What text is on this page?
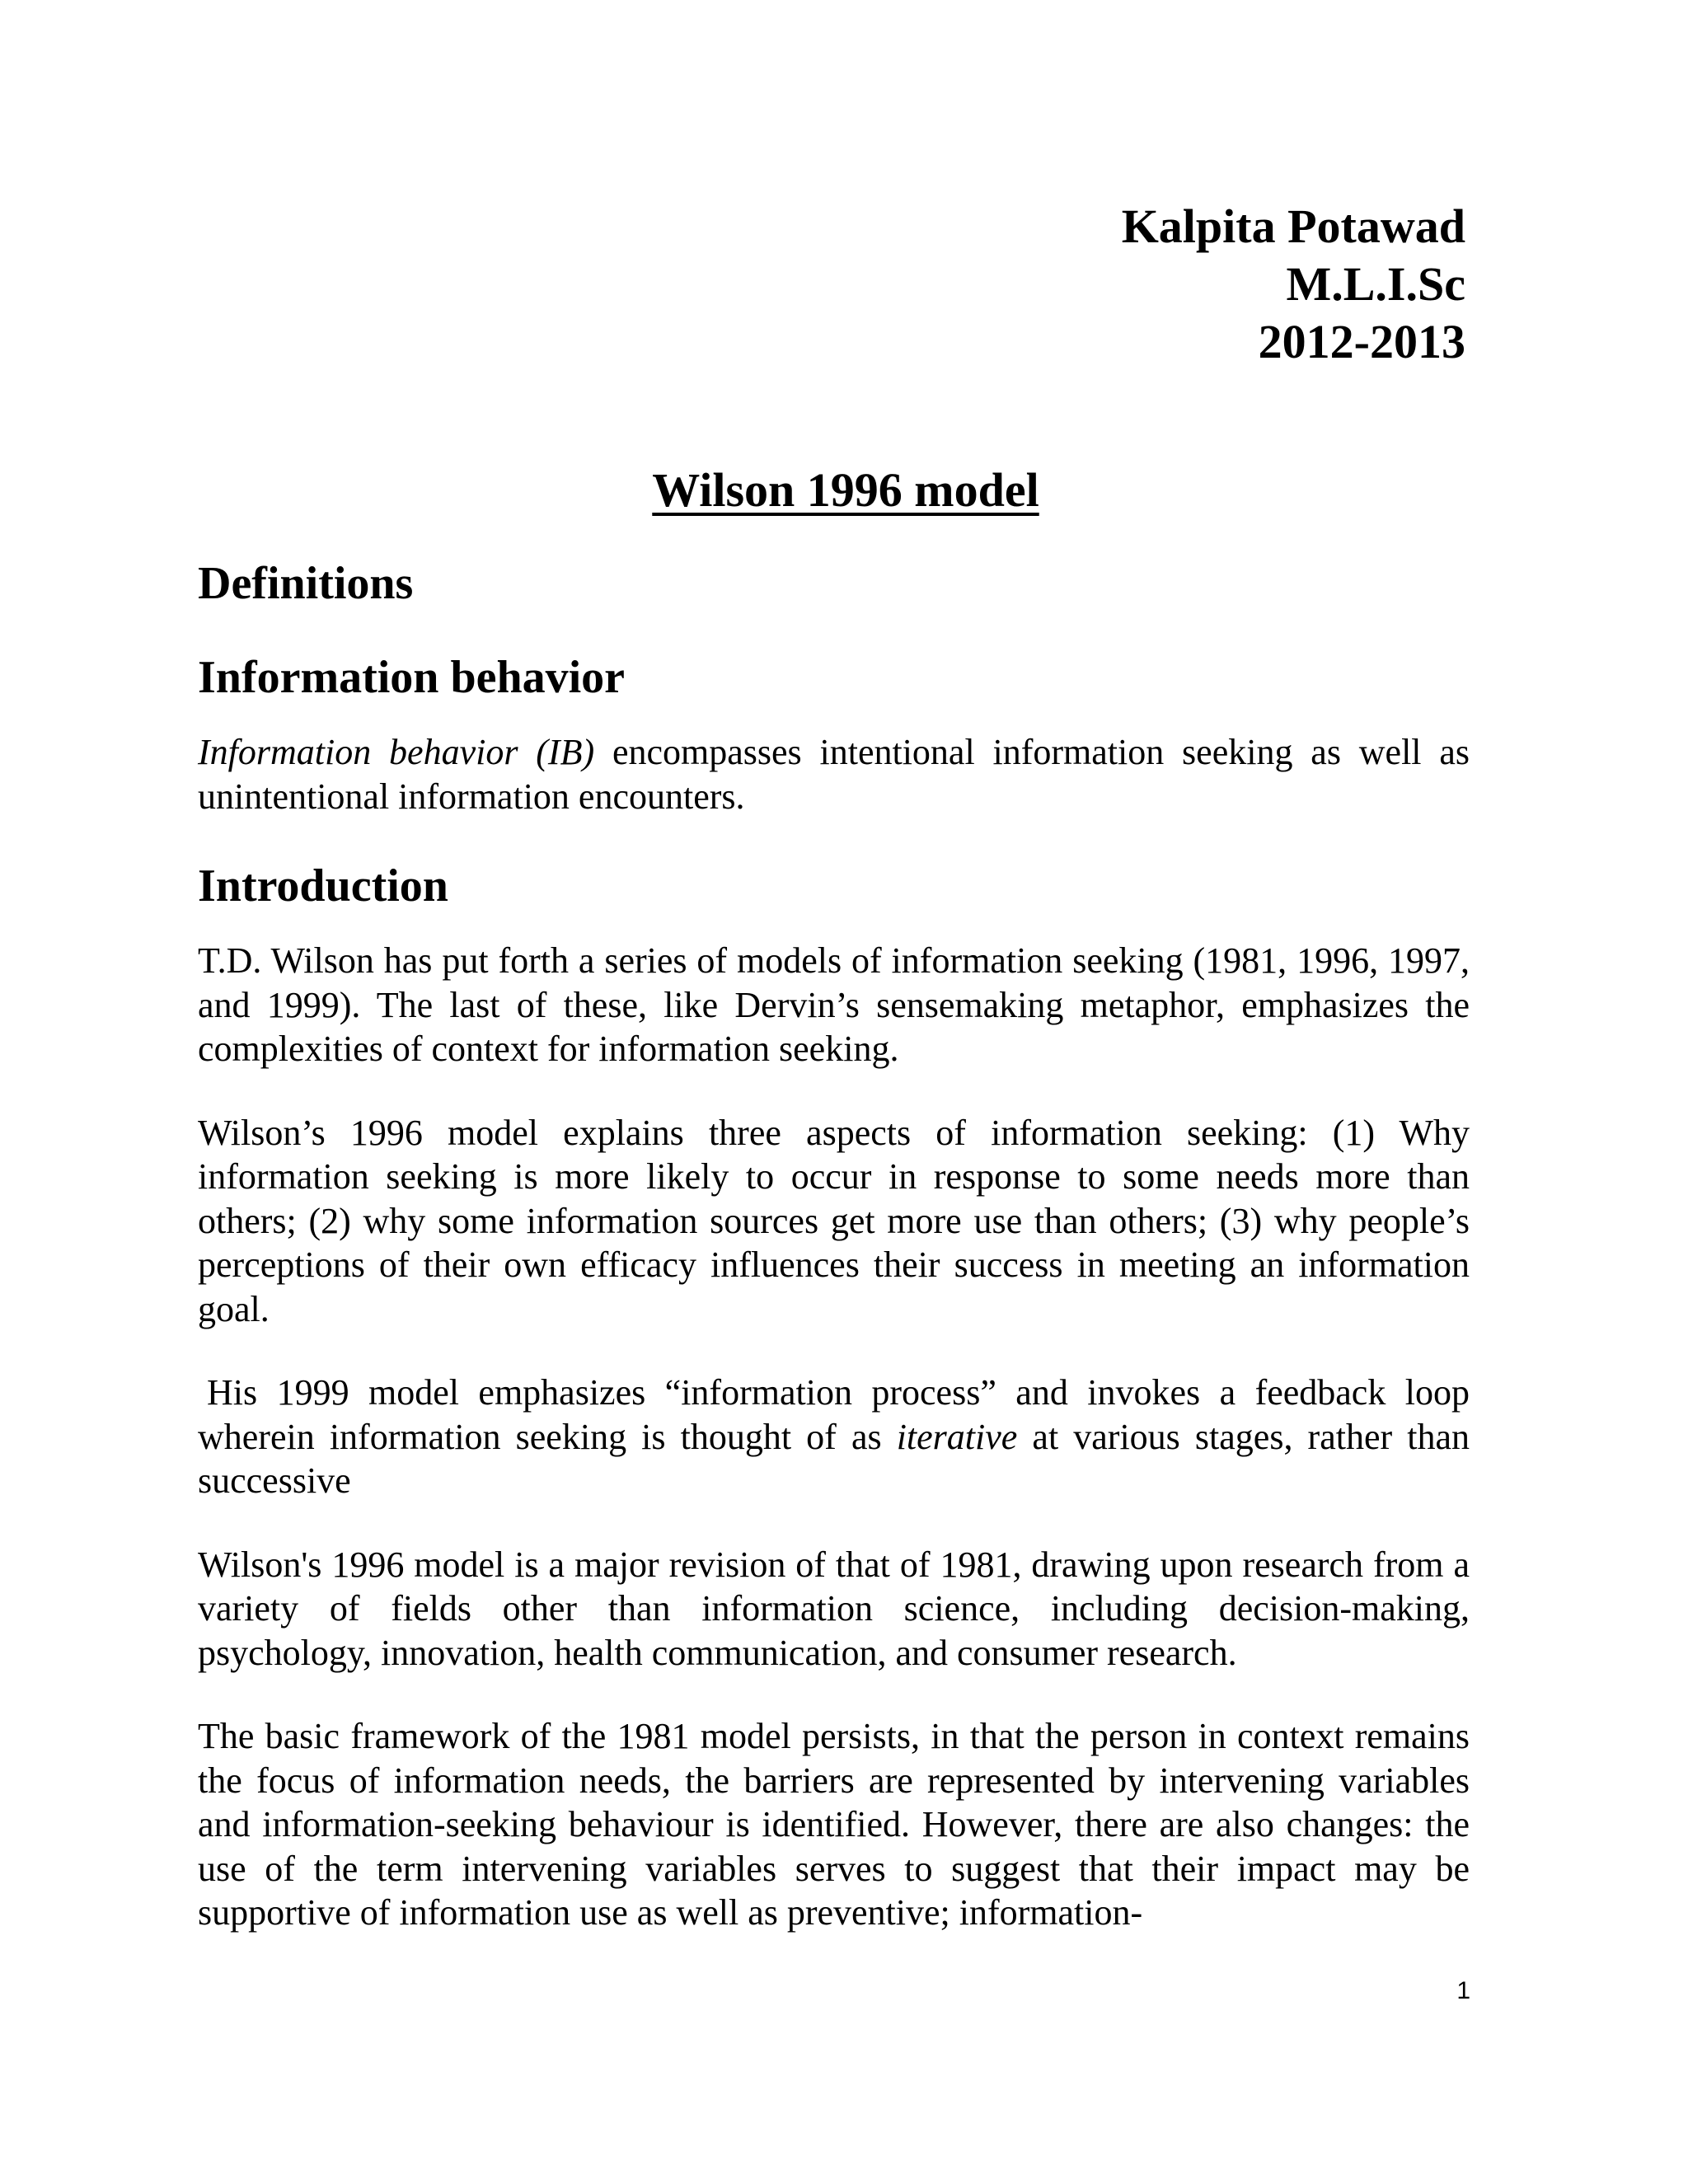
Kalpita Potawad
M.L.I.Sc
2012-2013
Wilson 1996 model
Definitions
Information behavior

Information behavior (IB) encompasses intentional information seeking as well as unintentional information encounters.

Introduction

T.D. Wilson has put forth a series of models of information seeking (1981, 1996, 1997, and 1999). The last of these, like Dervin’s sensemaking metaphor, emphasizes the complexities of context for information seeking.

Wilson’s 1996 model explains three aspects of information seeking: (1) Why information seeking is more likely to occur in response to some needs more than others; (2) why some information sources get more use than others; (3) why people’s perceptions of their own efficacy influences their success in meeting an information goal.

His 1999 model emphasizes “information process” and invokes a feedback loop wherein information seeking is thought of as iterative at various stages, rather than successive

Wilson's 1996 model is a major revision of that of 1981, drawing upon research from a variety of fields other than information science, including decision-making, psychology, innovation, health communication, and consumer research.

The basic framework of the 1981 model persists, in that the person in context remains the focus of information needs, the barriers are represented by intervening variables and information-seeking behaviour is identified. However, there are also changes: the use of the term intervening variables serves to suggest that their impact may be supportive of information use as well as preventive; information-

1
